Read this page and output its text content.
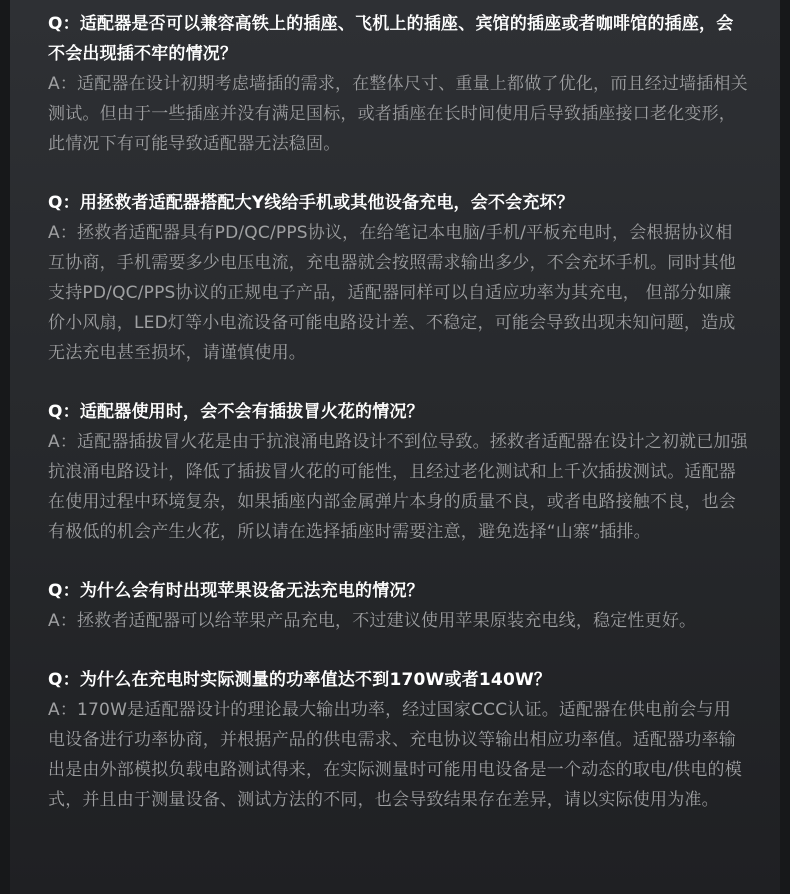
Q：适配器是否可以兼容高铁上的插座、飞机上的插座、宾馆的插座或者咖啡馆的插座，会不会出现插不牢的情况？

A：适配器在设计初期考虑墙插的需求，在整体尺寸、重量上都做了优化，而且经过墙插相关测试。但由于一些插座并没有满足国标，或者插座在长时间使用后导致插座接口老化变形，此情况下有可能导致适配器无法稳固。

Q：用拯救者适配器搭配大Y线给手机或其他设备充电，会不会充坏？

A：拯救者适配器具有PD/QC/PPS协议，在给笔记本电脑/手机/平板充电时，会根据协议相互协商，手机需要多少电压电流，充电器就会按照需求输出多少，不会充坏手机。同时其他支持PD/QC/PPS协议的正规电子产品，适配器同样可以自适应功率为其充电， 但部分如廉价小风扇，LED灯等小电流设备可能电路设计差、不稳定，可能会导致出现未知问题，造成无法充电甚至损坏，请谨慎使用。

Q：适配器使用时，会不会有插拔冒火花的情况？

A：适配器插拔冒火花是由于抗浪涌电路设计不到位导致。拯救者适配器在设计之初就已加强抗浪涌电路设计，降低了插拔冒火花的可能性，且经过老化测试和上千次插拔测试。适配器在使用过程中环境复杂，如果插座内部金属弹片本身的质量不良，或者电路接触不良，也会有极低的机会产生火花，所以请在选择插座时需要注意，避免选择“山寨”插排。

Q：为什么会有时出现苹果设备无法充电的情况？

A：拯救者适配器可以给苹果产品充电，不过建议使用苹果原装充电线，稳定性更好。

Q：为什么在充电时实际测量的功率值达不到170W或者140W？

A：170W是适配器设计的理论最大输出功率，经过国家CCC认证。适配器在供电前会与用电设备进行功率协商，并根据产品的供电需求、充电协议等输出相应功率值。适配器功率输出是由外部模拟负载电路测试得来，在实际测量时可能用电设备是一个动态的取电/供电的模式，并且由于测量设备、测试方法的不同，也会导致结果存在差异，请以实际使用为准。
